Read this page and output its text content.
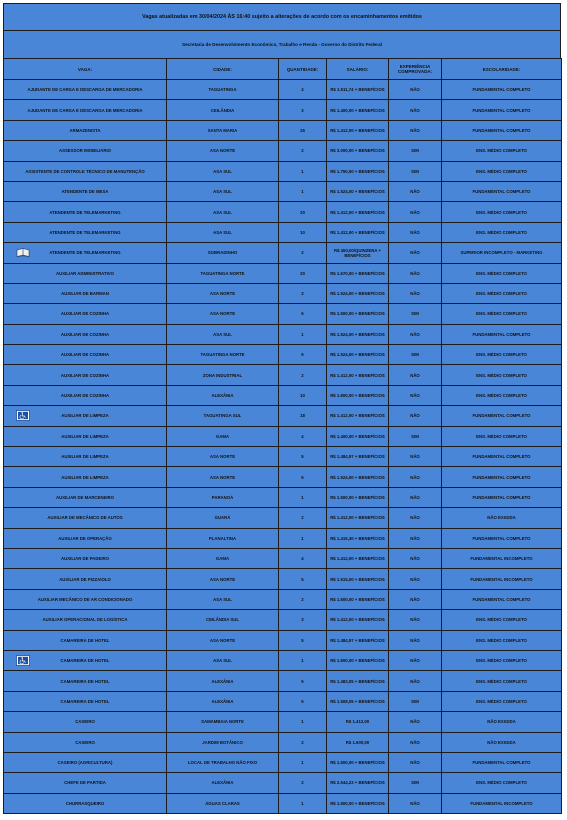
Vagas atualizadas em 30/04/2024 ÀS 16:40 sujeito a alterações de acordo com os encaminhamentos emitidos
Secretaria de Desenvolvimento Econômico, Trabalho e Renda - Governo do Distrito Federal
VAGA:	CIDADE:	QUANTIDADE:	SALÁRIO:	EXPERIÊNCIA COMPROVADA:	ESCOLARIDADE:
AJUDANTE DE CARGA E DESCARGA DE MERCADORIA	TAGUATINGA	4	R$ 1.511,74 + BENEFÍCIOS	NÃO	FUNDAMENTAL COMPLETO
AJUDANTE DE CARGA E DESCARGA DE MERCADORIA	CEILÂNDIA	3	R$ 1.400,00 + BENEFÍCIOS	NÃO	FUNDAMENTAL COMPLETO
ARMAZENISTA	SANTA MARIA	25	R$ 1.412,00 + BENEFÍCIOS	NÃO	FUNDAMENTAL COMPLETO
ASSESSOR IMOBILIÁRIO	ASA NORTE	2	R$ 3.000,00 + BENEFÍCIOS	SIM	ENS. MÉDIO COMPLETO
ASSISTENTE DE CONTROLE TÉCNICO DE MANUTENÇÃO	ASA SUL	1	R$ 1.750,00 + BENEFÍCIOS	SIM	ENS. MÉDIO COMPLETO
ATENDENTE DE MESA	ASA SUL	1	R$ 1.524,00 + BENEFÍCIOS	NÃO	FUNDAMENTAL COMPLETO
ATENDENTE DE TELEMARKETING	ASA SUL	20	R$ 1.412,00 + BENEFÍCIOS	NÃO	ENS. MÉDIO COMPLETO
ATENDENTE DE TELEMARKETING	ASA SUL	10	R$ 1.412,00 + BENEFÍCIOS	NÃO	ENS. MÉDIO COMPLETO

ATENDENTE DE TELEMARKETING	SOBRADINHO	2	R$ 450,00/QUINZENA + BENEFÍCIOS	NÃO	SUPERIOR INCOMPLETO - MARKETING
AUXILIAR ADMINISTRATIVO	TAGUATINGA NORTE	20	R$ 1.670,00 + BENEFÍCIOS	NÃO	ENS. MÉDIO COMPLETO
AUXILIAR DE BARMAN	ASA NORTE	3	R$ 1.524,00 + BENEFÍCIOS	NÃO	ENS. MÉDIO COMPLETO
AUXILIAR DE COZINHA	ASA NORTE	6	R$ 1.500,00 + BENEFÍCIOS	SIM	ENS. MÉDIO COMPLETO
AUXILIAR DE COZINHA	ASA SUL	1	R$ 1.524,00 + BENEFÍCIOS	NÃO	FUNDAMENTAL COMPLETO
AUXILIAR DE COZINHA	TAGUATINGA NORTE	5	R$ 1.524,00 + BENEFÍCIOS	SIM	ENS. MÉDIO COMPLETO
AUXILIAR DE COZINHA	ZONA INDUSTRIAL	2	R$ 1.412,00 + BENEFÍCIOS	NÃO	ENS. MÉDIO COMPLETO
AUXILIAR DE COZINHA	ALEXÂNIA	10	R$ 1.600,00 + BENEFÍCIOS	NÃO	ENS. MÉDIO COMPLETO

AUXILIAR DE LIMPEZA	TAGUATINGA SUL	18	R$ 1.412,00 + BENEFÍCIOS	NÃO	FUNDAMENTAL COMPLETO
AUXILIAR DE LIMPEZA	GAMA	4	R$ 1.400,00 + BENEFÍCIOS	SIM	ENS. MÉDIO COMPLETO
AUXILIAR DE LIMPEZA	ASA NORTE	5	R$ 1.484,97 + BENEFÍCIOS	NÃO	FUNDAMENTAL COMPLETO
AUXILIAR DE LIMPEZA	ASA NORTE	5	R$ 1.524,00 + BENEFÍCIOS	NÃO	FUNDAMENTAL COMPLETO
AUXILIAR DE MARCENEIRO	PARANOÁ	1	R$ 1.500,00 + BENEFÍCIOS	NÃO	FUNDAMENTAL COMPLETO
AUXILIAR DE MECÂNICO DE AUTOS	GUARÁ	2	R$ 1.412,00 + BENEFÍCIOS	NÃO	NÃO EXIGIDA
AUXILIAR DE OPERAÇÃO	PLANALTINA	1	R$ 1.415,30 + BENEFÍCIOS	NÃO	FUNDAMENTAL COMPLETO
AUXILIAR DE PADEIRO	GAMA	4	R$ 1.412,00 + BENEFÍCIOS	NÃO	FUNDAMENTAL INCOMPLETO
AUXILIAR DE PIZZAIOLO	ASA NORTE	5	R$ 1.515,00 + BENEFÍCIOS	NÃO	FUNDAMENTAL INCOMPLETO
AUXILIAR MECÂNICO DE AR CONDICIONADO	ASA SUL	2	R$ 1.600,00 + BENEFÍCIOS	NÃO	FUNDAMENTAL COMPLETO
AUXILIAR OPERACIONAL DE LOGÍSTICA	CEILÂNDIA SUL	3	R$ 1.412,00 + BENEFÍCIOS	NÃO	ENS. MÉDIO COMPLETO
CAMAREIRA DE HOTEL	ASA NORTE	5	R$ 1.484,97 + BENEFÍCIOS	NÃO	ENS. MÉDIO COMPLETO

CAMAREIRA DE HOTEL	ASA SUL	1	R$ 1.600,00 + BENEFÍCIOS	NÃO	ENS. MÉDIO COMPLETO
CAMAREIRA DE HOTEL	ALEXÂNIA	5	R$ 1.483,05 + BENEFÍCIOS	NÃO	ENS. MÉDIO COMPLETO
CAMAREIRA DE HOTEL	ALEXÂNIA	5	R$ 1.508,05 + BENEFÍCIOS	SIM	ENS. MÉDIO COMPLETO
CASEIRO	SAMAMBAIA NORTE	1	R$ 1.412,00	NÃO	NÃO EXIGIDA
CASEIRO	JARDIM BOTÂNICO	2	R$ 1.600,00	NÃO	NÃO EXIGIDA
CASEIRO (AGRICULTURA)	LOCAL DE TRABALHO NÃO FIXO	1	R$ 1.500,00 + BENEFÍCIOS	NÃO	FUNDAMENTAL COMPLETO
CHEFE DE PARTIDA	ALEXÂNIA	2	R$ 2.544,23 + BENEFÍCIOS	SIM	ENS. MÉDIO COMPLETO
CHURRASQUEIRO	ÁGUAS CLARAS	1	R$ 1.500,00 + BENEFÍCIOS	NÃO	FUNDAMENTAL INCOMPLETO
